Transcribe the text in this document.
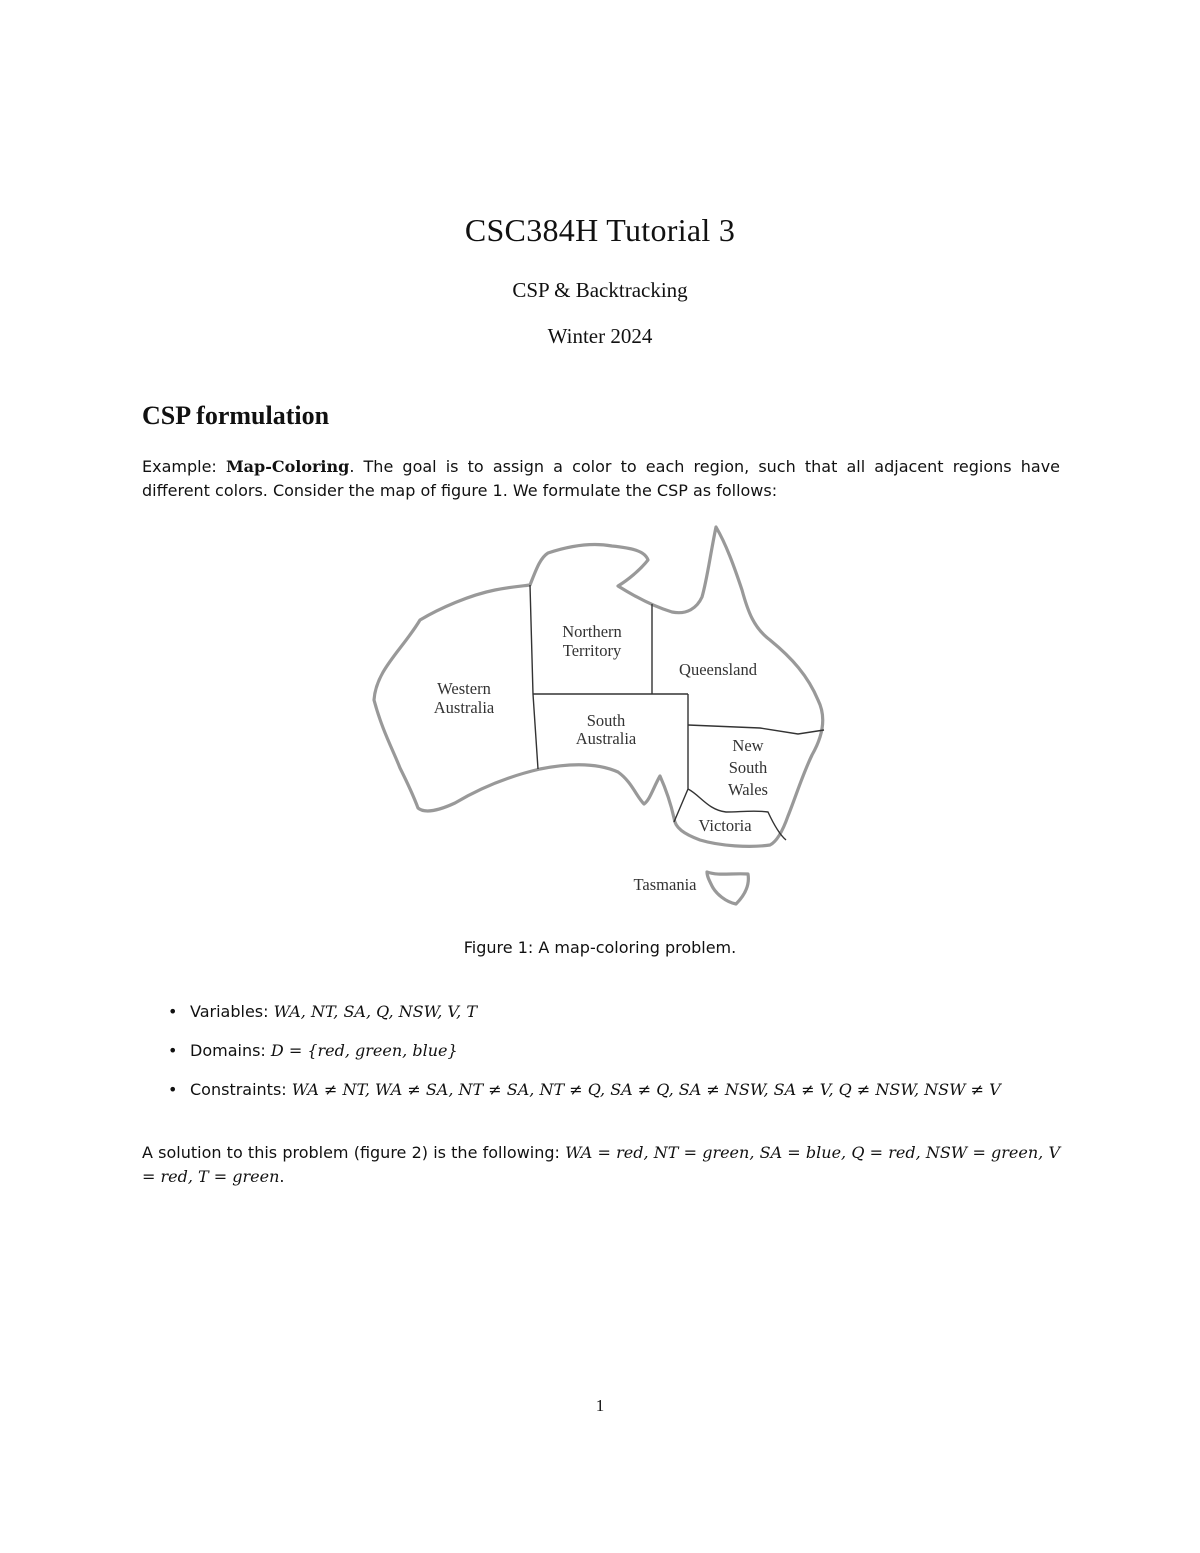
CSC384H Tutorial 3
CSP & Backtracking
Winter 2024
CSP formulation
Example: Map-Coloring. The goal is to assign a color to each region, such that all adjacent regions have different colors. Consider the map of figure 1. We formulate the CSP as follows:
Northern
Territory
Western
Australia
Queensland
South
Australia	New
South
Wales
Victoria
Tasmania
Figure 1: A map-coloring problem.
• Variables: WA, NT, SA, Q, NSW, V, T
• Domains: D = {red, green, blue}
• Constraints: WA ≠ NT, WA ≠ SA, NT ≠ SA, NT ≠ Q, SA ≠ Q, SA ≠ NSW, SA ≠ V, Q ≠ NSW, NSW ≠ V
A solution to this problem (figure 2) is the following: WA = red, NT = green, SA = blue, Q = red, NSW = green, V = red, T = green.
1
